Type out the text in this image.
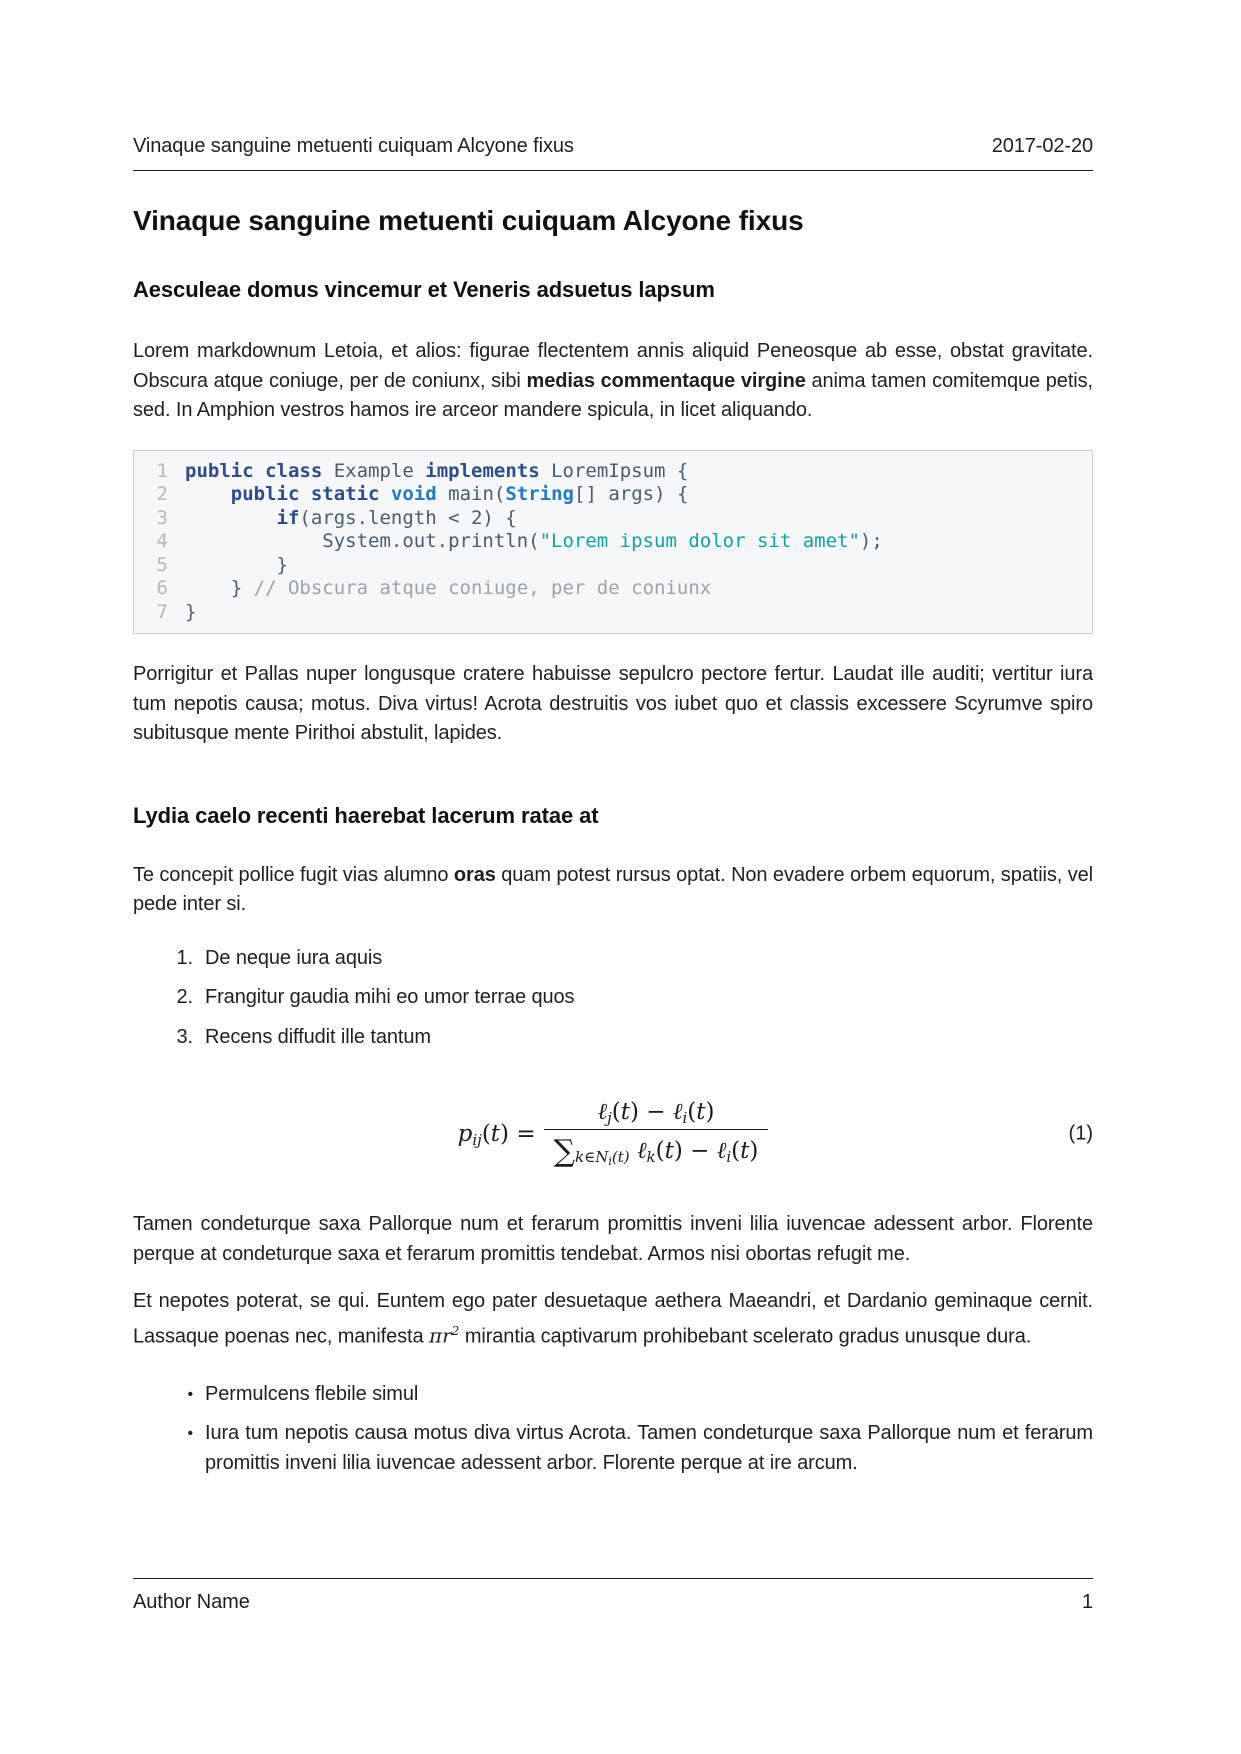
Vinaque sanguine metuenti cuiquam Alcyone fixus	2017-02-20
Vinaque sanguine metuenti cuiquam Alcyone fixus
Aesculeae domus vincemur et Veneris adsuetus lapsum

Lorem markdownum Letoia, et alios: figurae flectentem annis aliquid Peneosque ab esse, obstat gravitate. Obscura atque coniuge, per de coniunx, sibi medias commentaque virgine anima tamen comitemque petis, sed. In Amphion vestros hamos ire arceor mandere spicula, in licet aliquando.

1 public class Example implements LoremIpsum {
2	public static void main(String[] args) {
3	if(args.length < 2) {
4 System.out.println("Lorem ipsum dolor sit amet");
5 }
6 } // Obscura atque coniuge, per de coniunx
7 }

Porrigitur et Pallas nuper longusque cratere habuisse sepulcro pectore fertur. Laudat ille auditi; vertitur iura tum nepotis causa; motus. Diva virtus! Acrota destruitis vos iubet quo et classis excessere Scyrumve spiro subitusque mente Pirithoi abstulit, lapides.

Lydia caelo recenti haerebat lacerum ratae at

Te concepit pollice fugit vias alumno oras quam potest rursus optat. Non evadere orbem equorum, spatiis, vel pede inter si.

1. De neque iura aquis
2. Frangitur gaudia mihi eo umor terrae quos
3. Recens diffudit ille tantum
$pij(t) = \frac{\text{ℓj(t) − ℓi(t)}}{\sum k\in N_i(t) \ell k(t) - \ell i(t)}$	(1)

Tamen condeturque saxa Pallorque num et ferarum promittis inveni lilia iuvencae adessent arbor. Florente perque at condeturque saxa et ferarum promittis tendebat. Armos nisi obortas refugit me.

Et nepotes poterat, se qui. Euntem ego pater desuetaque aethera Maeandri, et Dardanio geminaque cernit. Lassaque poenas nec, manifesta $\pi r^2$ mirantia captivarum prohibebant scelerato gradus unusque dura.

• Permulcens flebile simul
• Iura tum nepotis causa motus diva virtus Acrota. Tamen condeturque saxa Pallorque num et ferarum promittis inveni lilia iuvencae adessent arbor. Florente perque at ire arcum.
Author Name	1
